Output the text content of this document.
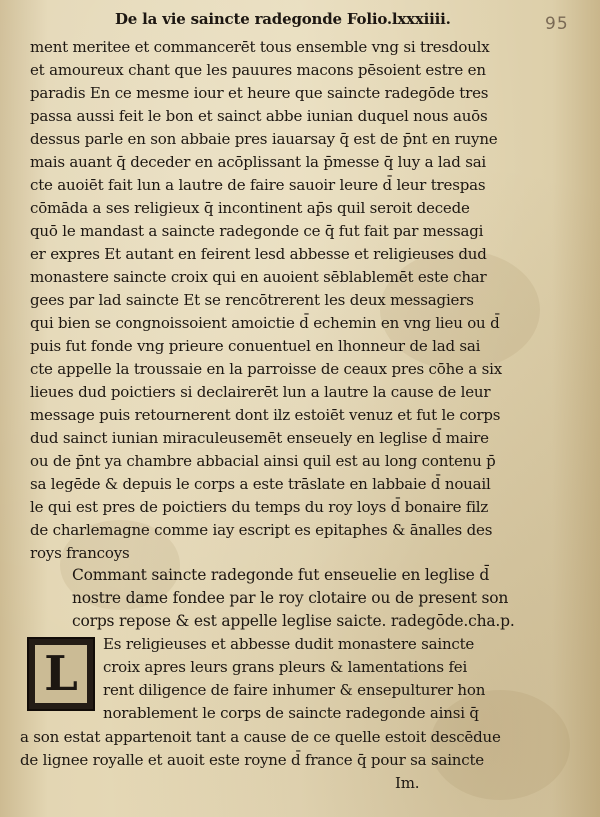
95
De la vie saincte radegonde Folio.lxxxiiii.
ment meritee et commancerēt tous ensemble vng si tresdoulx
et amoureux chant que les pauures macons pēsoient estre en
paradis En ce mesme iour et heure que saincte radegōde tres
passa aussi feit le bon et sainct abbe iunian duquel nous auōs
dessus parle en son abbaie pres iauarsay q̄ est de p̄nt en ruyne
mais auant q̄ deceder en acōplissant la p̄messe q̄ luy a lad sai
cte auoiēt fait lun a lautre de faire sauoir leure d̄ leur trespas
cōmāda a ses religieux q̄ incontinent ap̄s quil seroit decede
quō le mandast a saincte radegonde ce q̄ fut fait par messagi
er expres Et autant en feirent lesd abbesse et religieuses dud
monastere saincte croix qui en auoient sēblablemēt este char
gees par lad saincte Et se rencōtrerent les deux messagiers
qui bien se congnoissoient amoictie d̄ echemin en vng lieu ou d̄
puis fut fonde vng prieure conuentuel en lhonneur de lad sai
cte appelle la troussaie en la parroisse de ceaux pres cōhe a six
lieues dud poictiers si declairerēt lun a lautre la cause de leur
message puis retournerent dont ilz estoiēt venuz et fut le corps
dud sainct iunian miraculeusemēt enseuely en leglise d̄ maire
ou de p̄nt ya chambre abbacial ainsi quil est au long contenu p̄
sa legēde & depuis le corps a este trāslate en labbaie d̄ nouail
le qui est pres de poictiers du temps du roy loys d̄ bonaire filz
de charlemagne comme iay escript es epitaphes & ānalles des
roys francoys
Commant saincte radegonde fut enseuelie en leglise d̄
nostre dame fondee par le roy clotaire ou de present son
corps repose & est appelle leglise saicte. radegōde.cha.p.
L
Es religieuses et abbesse dudit monastere saincte
croix apres leurs grans pleurs & lamentations fei
rent diligence de faire inhumer & ensepulturer hon
norablement le corps de saincte radegonde ainsi q̄
a son estat appartenoit tant a cause de ce quelle estoit descēdue
de lignee royalle et auoit este royne d̄ france q̄ pour sa saincte
Im.
